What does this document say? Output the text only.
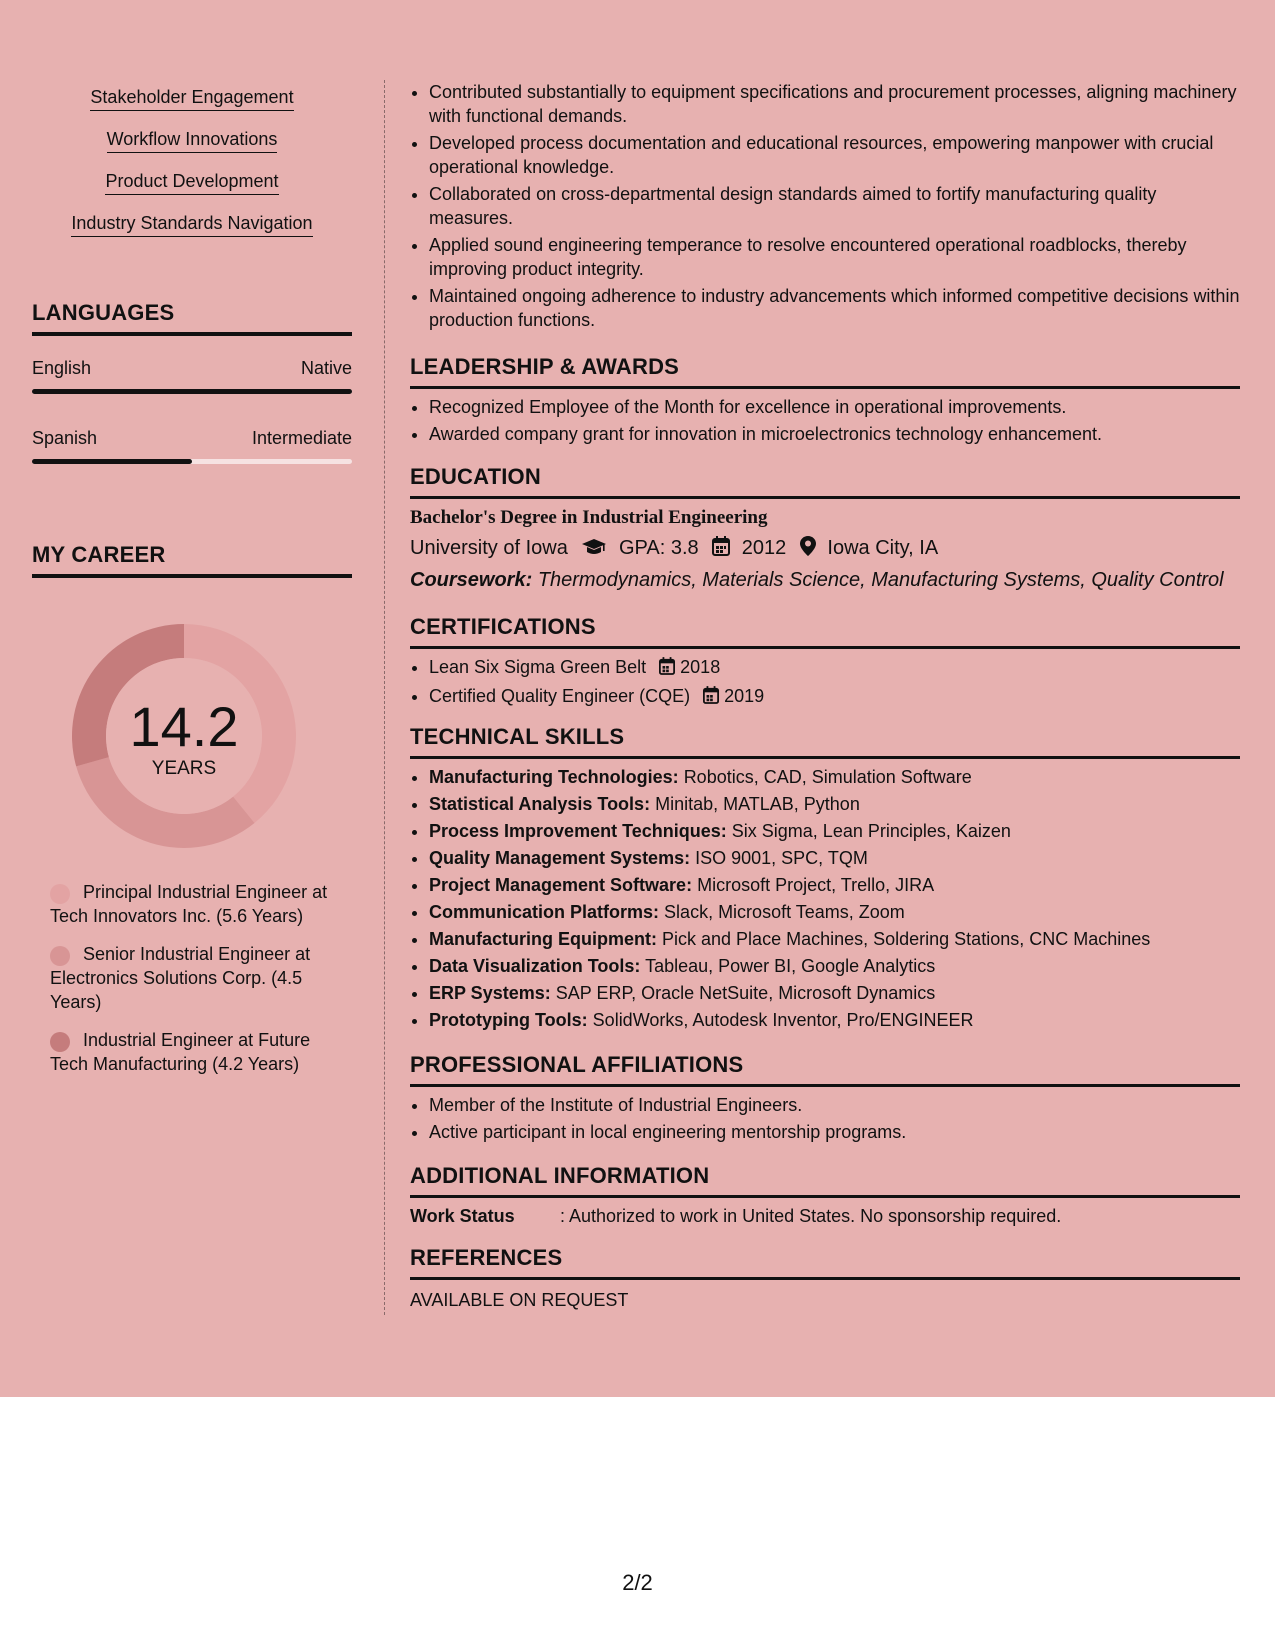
Stakeholder Engagement
Workflow Innovations
Product Development
Industry Standards Navigation
LANGUAGES
English	Native
Spanish	Intermediate
MY CAREER
14.2
YEARS
Principal Industrial Engineer at Tech Innovators Inc. (5.6 Years)
Senior Industrial Engineer at Electronics Solutions Corp. (4.5 Years)
Industrial Engineer at Future Tech Manufacturing (4.2 Years)
• Contributed substantially to equipment specifications and procurement processes, aligning machinery with functional demands.
• Developed process documentation and educational resources, empowering manpower with crucial operational knowledge.
• Collaborated on cross-departmental design standards aimed to fortify manufacturing quality measures.
• Applied sound engineering temperance to resolve encountered operational roadblocks, thereby improving product integrity.
• Maintained ongoing adherence to industry advancements which informed competitive decisions within production functions.
LEADERSHIP & AWARDS
• Recognized Employee of the Month for excellence in operational improvements.
• Awarded company grant for innovation in microelectronics technology enhancement.
EDUCATION
Bachelor's Degree in Industrial Engineering
University of Iowa	GPA: 3.8 2012 Iowa City, IA
Coursework: Thermodynamics, Materials Science, Manufacturing Systems, Quality Control
CERTIFICATIONS
• Lean Six Sigma Green Belt 2018
• Certified Quality Engineer (CQE) 2019
TECHNICAL SKILLS
• Manufacturing Technologies: Robotics, CAD, Simulation Software
• Statistical Analysis Tools: Minitab, MATLAB, Python
• Process Improvement Techniques: Six Sigma, Lean Principles, Kaizen
• Quality Management Systems: ISO 9001, SPC, TQM
• Project Management Software: Microsoft Project, Trello, JIRA
• Communication Platforms: Slack, Microsoft Teams, Zoom
• Manufacturing Equipment: Pick and Place Machines, Soldering Stations, CNC Machines
• Data Visualization Tools: Tableau, Power BI, Google Analytics
• ERP Systems: SAP ERP, Oracle NetSuite, Microsoft Dynamics
• Prototyping Tools: SolidWorks, Autodesk Inventor, Pro/ENGINEER
PROFESSIONAL AFFILIATIONS
• Member of the Institute of Industrial Engineers.
• Active participant in local engineering mentorship programs.
ADDITIONAL INFORMATION
Work Status	: Authorized to work in United States. No sponsorship required.
REFERENCES
AVAILABLE ON REQUEST
2/2
